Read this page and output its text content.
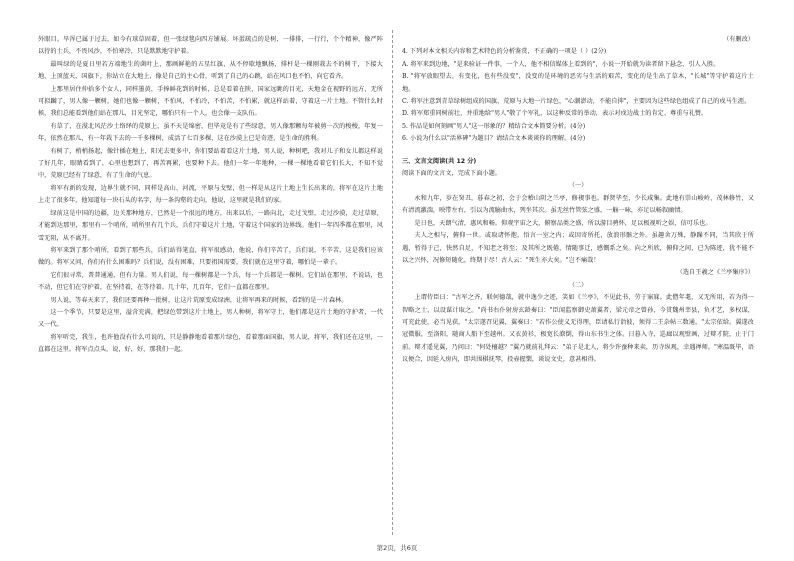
外眼目。旱浑已属于过去，如今有球草固着，但一张绿毯向四方铺展。坏蛋疏点的是树，一排排，一行行，个个精神，像严阵以待的士兵，不畏风沙，不怕寒冷，只是默默地守护着。

最叫绿的是夏日里若方端地生的菌叶上，那画鲜艳的五星红旗，从不停歇地飘扬，排杆是一棵刚栽去不的树干，下接大地，上顶蓝天，国旗下，你站立在大地上，像是自己的主心骨，听到了自己的心跳，站在风口也不怕，向它看齐。

上那里居住仲拾多个女人，同样墨黄，手捧鲜花到的时候，总是看着在陕，国家远眺的目光，天地金在视野的远方，无所可拟躏了，男人像一颗树，她们也像一颗树，不怕风，不怕冷，不怕苦，不怕累，就这样站着，守着这一片土地。不管什么时候，我们总能看到他们站在那儿，目光坚定，哪怕只有一个人，也会像一支队伍。

有草了，在漠北风茫沙土络绎的荒原上，虽不天是绵密，但毕竟是有了些绿意，男人像那颗每年被剪一次的梭梭，年复一年，依然在那儿，有一年栽下去的一千多棵树，成活了七百多棵，这在沙漠上已是奇迹，是生命的胜利。

有树了，梢梢扬起，像针插在地上，阳光去更多中，你们要站着看这片土地，男人说，种树吧，我对儿子和女儿都这样说了好几年，眼睛看到了，心里也想到了，再苦再累，也要种下去。他们一年一年地种，一棵一棵地看着它们长大，不知不觉中，荒原已经有了绿意，有了生命的气息。

将军有新的发现，边界生就不同，同样是高山、河流，平原与戈壁，但一样是从这片土地上生长出来的，将军在这片土地上走了很多年，他知道每一块石头的名字，每一条沟壑的走向，他说，这里就是我们的家。

绿前这是中国的边疆，边关那种地方，已然是一个很远的地方，出来以后，一路向北，走过戈壁，走过沙漠，走过草原，才能到达那里，那里有一个哨所，哨所里有几个兵，兵们守着这片土地，守着这个国家的边界线。他们一年四季都在那里，风雪无阻，从不离开。

将军来到了那个哨所，看到了那些兵，兵们站得笔直，将军很感动，他说，你们辛苦了，兵们说，不辛苦，这是我们应该做的。将军又问，你们有什么困难吗？兵们说，没有困难，只要祖国需要，我们就在这里守着，哪怕是一辈子。

它们很寻常，普普通通，但有力量。男人们说，每一棵树都是一个兵，每一个兵都是一棵树。它们站在那里，不说话，也不动，但它们在守护着，在坚持着，在等待着。几十年，几百年，它们一直都在那里。

男人说，等春天来了，我们还要再种一批树，让这片荒原变成绿洲，让将军再来的时候，看到的是一片森林。

这一个季节，只要是这里，溢含充满，把绿色带到这片土地上，男人种树，将军守土，他们都是这片土地的守护者，一代又一代。

将军听完，我生，也许他没有什么可说的，只是静静地看着那片绿色，看着那面国旗，男人说，将军，我们还在这里，一直都在这里。将军点点头，说，好，好，那我们一起。

（有删改）

4. 下列对本文相关内容和艺术特色的分析鉴赏，不正确的一项是（ ）(2分)

A. 将军来到边地，"是来验证一件事，一个人，他不相信媒体上看到的"，小说一开始就为读者留下悬念，引人入胜。

B. "将军放眼望去，有变化，也有些没变"，没变的是环境的恶劣与生活的艰苦，变化的是生出了草木，"长城"等守护着这片土地。

C. 将军注意到青草绿树组成的国旗，荒原与大地一片绿色，"心潮澎动，不能自抑"，主要因为这些绿色组成了自己的戍马生涯。

D. 将军郑重同树前壮，并重地给"男人"敬了个军礼，以这种反常的举动，表示对戍边战士的肯定、尊重与礼赞。

5. 作品是如何刻画"男人"这一形象的？精结合文本简要分析。(4分)

6. 小说为什么以"活界碑"为题目？请结合文本谈谈你的理解。(4分)

三、文言文阅读(共 12 分)

阅读下面的文言文，完成下面小题。

（一）

永和九年，岁在癸丑，暮春之初，会于会稽山阴之兰亭，修禊事也。群贤毕至，少长咸集。此地有崇山峻岭，茂林修竹，又有清流激湍，映带左右，引以为流觞曲水，列坐其次。虽无丝竹管弦之盛，一觞一咏，亦足以畅叙幽情。

是日也，天朗气清，惠风和畅。仰观宇宙之大，俯察品类之盛，所以游目骋怀，足以极视听之娱，信可乐也。

夫人之相与，俯仰一世。或取诸怀抱，悟言一室之内；或因寄所托，放浪形骸之外。虽趣舍万殊，静躁不同，当其欣于所遇，暂得于己，快然自足，不知老之将至；及其所之既倦，情随事迁，感慨系之矣。向之所欣，俯仰之间，已为陈迹，犹不能不以之兴怀，况修短随化，终期于尽！古人云："死生亦大矣。"岂不痛哉！

（选自王羲之《兰亭集序》）

（二）

上谓侍臣曰："古军之齐，联何德哉，就中逸少之迹，笑如《兰亭》，不见此书，劳于寤寐。此僧年耄，又无所用，若为得一智略之士，以设谋计取之。"尚书右仆射房玄龄奏曰："臣闻监察御史萧翼者，梁元帝之曾孙，今贯魏州莘县，负才艺，多权谋，可充此使，必当见获。"太宗遂召见翼，翼奏曰："若作公使义无得理，臣请私行诣彼，须得二王杂帖三数通。"太宗依给。翼遂改冠微服，至洛阳，随商人船下至越州。又衣黄衫，极宽长潦倒，得山东书生之体。日暮入寺，巡廊以观壁画，过辩才院，止于门前。辩才遥见翼，乃问曰："何处檀越？"翼乃就前礼拜云："弟子是北人，将少许蚕种来卖，历寺纵观，幸遇禅师。"寒温既毕，语议便合，因延入房内，即共围棋抚琴，投壶握槊，谈说文史，意甚相得。

第2页，共6页
